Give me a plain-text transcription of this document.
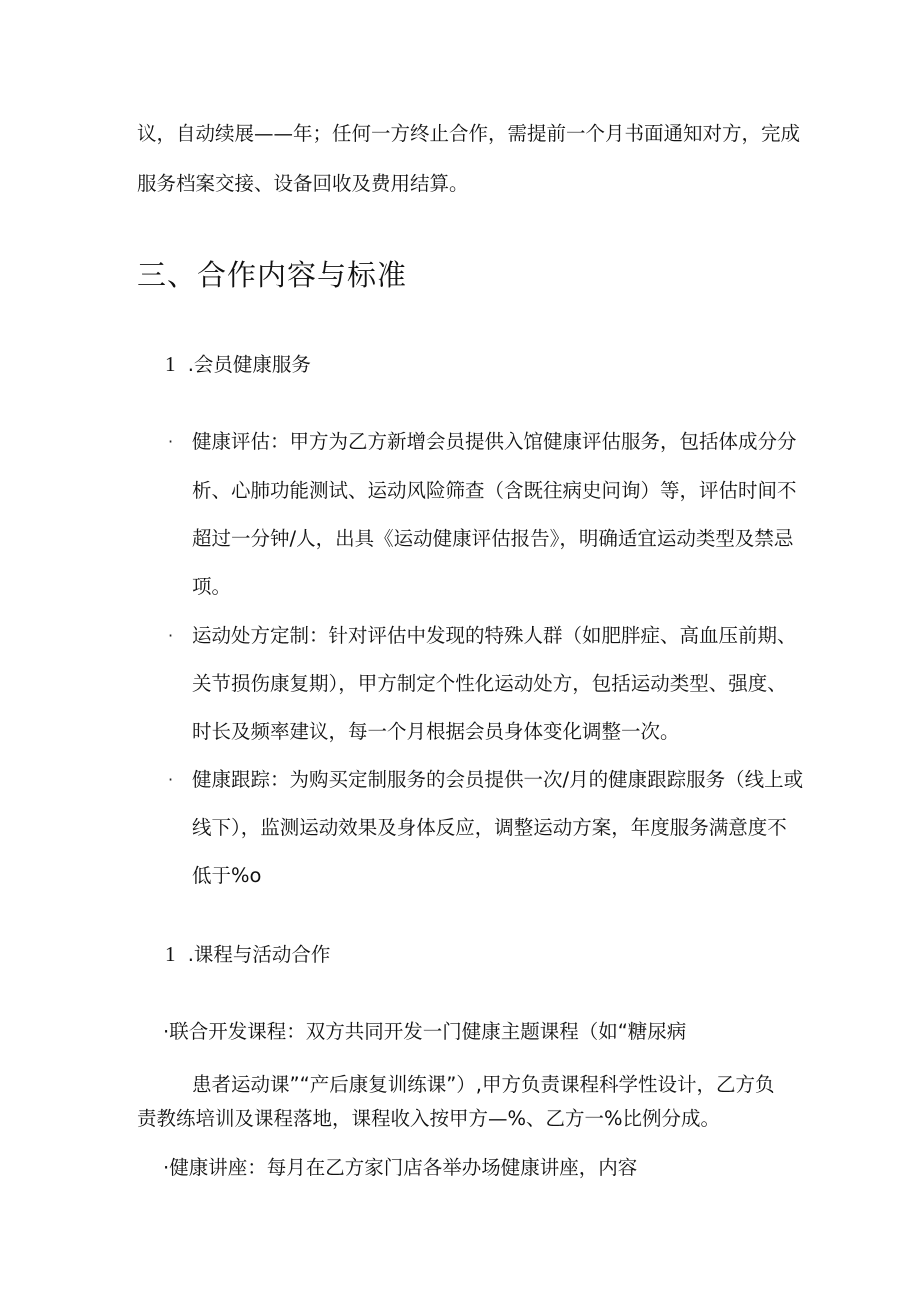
议，自动续展——年；任何一方终止合作，需提前一个月书面通知对方，完成
服务档案交接、设备回收及费用结算。
三、合作内容与标准
1 .会员健康服务
· 健康评估：甲方为乙方新增会员提供入馆健康评估服务，包括体成分分
析、心肺功能测试、运动风险筛查（含既往病史问询）等，评估时间不
超过一分钟/人，出具《运动健康评估报告》，明确适宜运动类型及禁忌
项。
· 运动处方定制：针对评估中发现的特殊人群（如肥胖症、高血压前期、
关节损伤康复期），甲方制定个性化运动处方，包括运动类型、强度、
时长及频率建议，每一个月根据会员身体变化调整一次。
· 健康跟踪：为购买定制服务的会员提供一次/月的健康跟踪服务（线上或
线下），监测运动效果及身体反应，调整运动方案，年度服务满意度不
低于%o
1 .课程与活动合作
·联合开发课程：双方共同开发一门健康主题课程（如“糖尿病
患者运动课”“产后康复训练课”）,甲方负责课程科学性设计，乙方负
责教练培训及课程落地，课程收入按甲方—%、乙方一%比例分成。
·健康讲座：每月在乙方家门店各举办场健康讲座，内容
